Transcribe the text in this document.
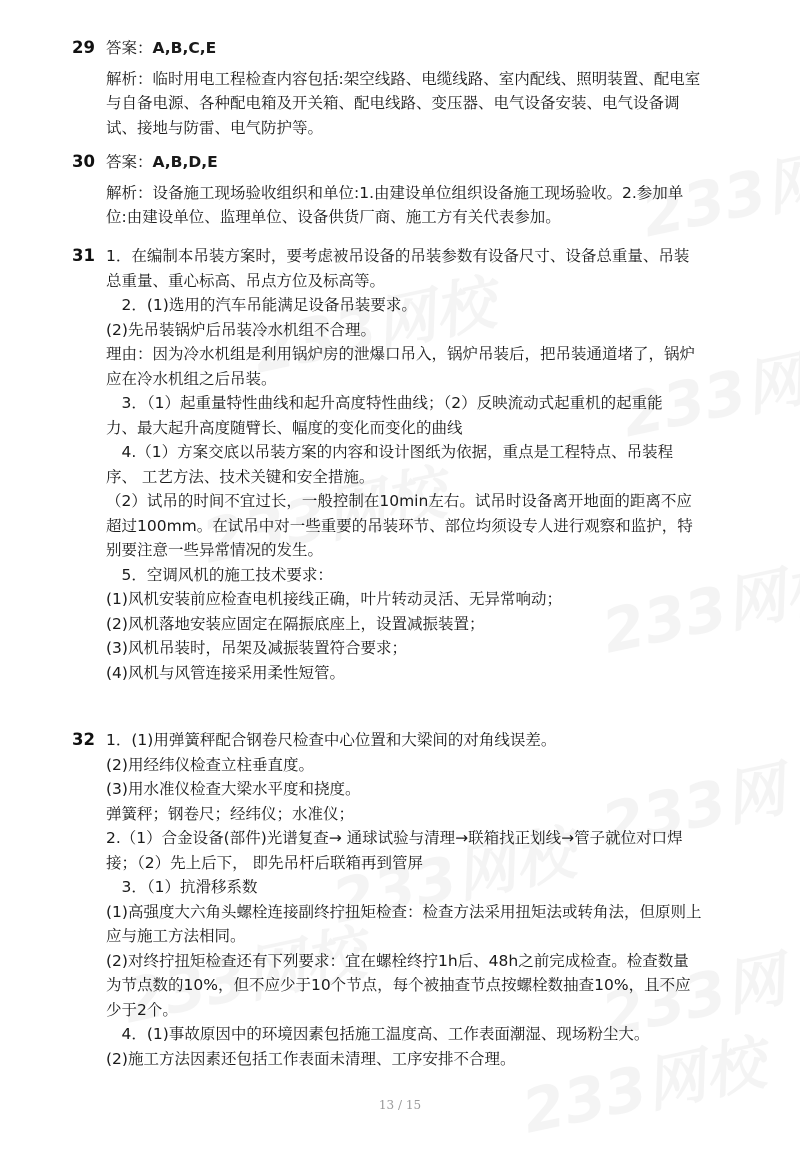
29 答案：A,B,C,E
解析：临时用电工程检查内容包括:架空线路、电缆线路、室内配线、照明装置、配电室
与自备电源、各种配电箱及开关箱、配电线路、变压器、电气设备安装、电气设备调
试、接地与防雷、电气防护等。
30 答案：A,B,D,E
解析：设备施工现场验收组织和单位:1.由建设单位组织设备施工现场验收。2.参加单
位:由建设单位、监理单位、设备供货厂商、施工方有关代表参加。
31 1．在编制本吊装方案时，要考虑被吊设备的吊装参数有设备尺寸、设备总重量、吊装
总重量、重心标高、吊点方位及标高等。
　2．(1)选用的汽车吊能满足设备吊装要求。
(2)先吊装锅炉后吊装冷水机组不合理。
理由：因为冷水机组是利用锅炉房的泄爆口吊入，锅炉吊装后，把吊装通道堵了，锅炉
应在冷水机组之后吊装。
　3．（1）起重量特性曲线和起升高度特性曲线；（2）反映流动式起重机的起重能
力、最大起升高度随臂长、幅度的变化而变化的曲线
　4.（1）方案交底以吊装方案的内容和设计图纸为依据，重点是工程特点、吊装程
序、 工艺方法、技术关键和安全措施。
（2）试吊的时间不宜过长，一般控制在10min左右。试吊时设备离开地面的距离不应
超过100mm。在试吊中对一些重要的吊装环节、部位均须设专人进行观察和监护，特
别要注意一些异常情况的发生。
　5．空调风机的施工技术要求：
(1)风机安装前应检查电机接线正确，叶片转动灵活、无异常响动；
(2)风机落地安装应固定在隔振底座上，设置减振装置；
(3)风机吊装时，吊架及减振装置符合要求；
(4)风机与风管连接采用柔性短管。
32 1．(1)用弹簧秤配合钢卷尺检查中心位置和大梁间的对角线误差。
(2)用经纬仪检查立柱垂直度。
(3)用水准仪检查大梁水平度和挠度。
弹簧秤；钢卷尺；经纬仪；水准仪；
2.（1）合金设备(部件)光谱复查→ 通球试验与清理→联箱找正划线→管子就位对口焊
接；（2）先上后下， 即先吊杆后联箱再到管屏
　3．（1）抗滑移系数
(1)高强度大六角头螺栓连接副终拧扭矩检查：检查方法采用扭矩法或转角法，但原则上
应与施工方法相同。
(2)对终拧扭矩检查还有下列要求：宜在螺栓终拧1h后、48h之前完成检查。检查数量
为节点数的10%，但不应少于10个节点，每个被抽查节点按螺栓数抽查10%，且不应
少于2个。
　4．(1)事故原因中的环境因素包括施工温度高、工作表面潮湿、现场粉尘大。
(2)施工方法因素还包括工作表面未清理、工序安排不合理。
13 / 15
